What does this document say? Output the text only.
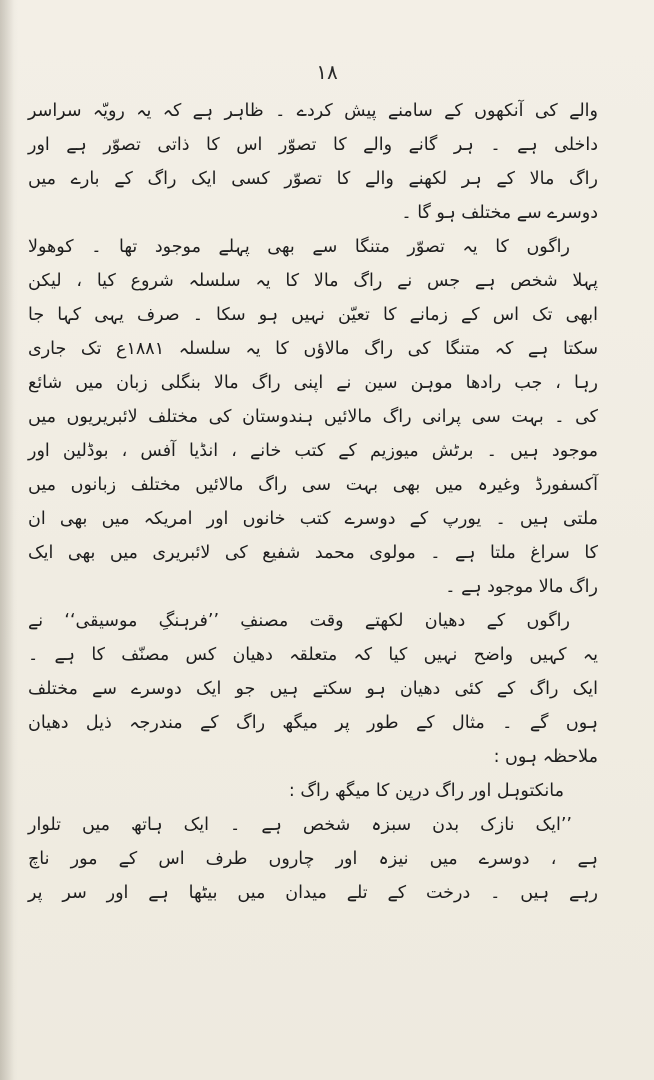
۱۸
والے کی آنکھوں کے سامنے پیش کردے ۔ ظاہر ہے کہ یہ رویّہ سراسر
داخلی ہے ۔ ہر گانے والے کا تصوّر اس کا ذاتی تصوّر ہے اور
راگ مالا کے ہر لکھنے والے کا تصوّر کسی ایک راگ کے بارے میں
دوسرے سے مختلف ہو گا ۔
راگوں کا یہ تصوّر متنگا سے بھی پہلے موجود تھا ۔ کوھولا
پہلا شخص ہے جس نے راگ مالا کا یہ سلسلہ شروع کیا ، لیکن
ابھی تک اس کے زمانے کا تعیّن نہیں ہو سکا ۔ صرف یہی کہا جا
سکتا ہے کہ متنگا کی راگ مالاؤں کا یہ سلسلہ ۱۸۸۱ع تک جاری
رہا ، جب رادھا موہن سین نے اپنی راگ مالا بنگلی زبان میں شائع
کی ۔ بہت سی پرانی راگ مالائیں ہندوستان کی مختلف لائبریریوں میں
موجود ہیں ۔ برٹش میوزیم کے کتب خانے ، انڈیا آفس ، بوڈلین اور
آکسفورڈ وغیرہ میں بھی بہت سی راگ مالائیں مختلف زبانوں میں
ملتی ہیں ۔ یورپ کے دوسرے کتب خانوں اور امریکہ میں بھی ان
کا سراغ ملتا ہے ۔ مولوی محمد شفیع کی لائبریری میں بھی ایک
راگ مالا موجود ہے ۔
راگوں کے دھیان لکھتے وقت مصنفِ ’’فرہنگِ موسیقی‘‘ نے
یہ کہیں واضح نہیں کیا کہ متعلقہ دھیان کس مصنّف کا ہے ۔
ایک راگ کے کئی دھیان ہو سکتے ہیں جو ایک دوسرے سے مختلف
ہوں گے ۔ مثال کے طور پر میگھ راگ کے مندرجہ ذیل دھیان
ملاحظہ ہوں :
مانکتوہل اور راگ درپن کا میگھ راگ :
’’ایک نازک بدن سبزہ شخص ہے ۔ ایک ہاتھ میں تلوار
ہے ، دوسرے میں نیزہ اور چاروں طرف اس کے مور ناچ
رہے ہیں ۔ درخت کے تلے میدان میں بیٹھا ہے اور سر پر
